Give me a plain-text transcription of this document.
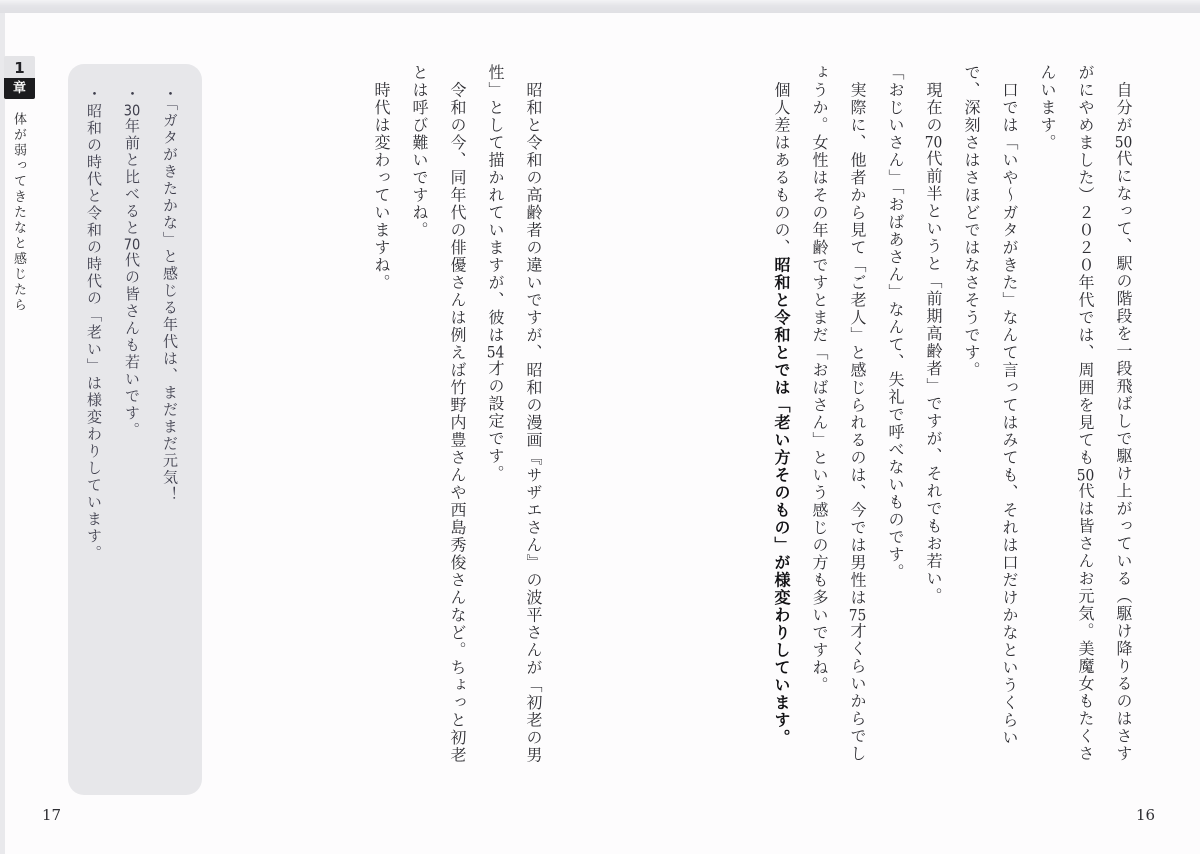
1
章
体が弱ってきたなと感じたら	・「ガタがきたかな」と感じる年代は、まだまだ元気！

・30年前と比べると70代の皆さんも若いです。

・昭和の時代と令和の時代の「老い」は様変わりしています。	　昭和と令和の高齢者の違いですが、昭和の漫画『サザエさん』の波平さんが「初老の男性」として描かれていますが、彼は54才の設定です。

　令和の今、同年代の俳優さんは例えば竹野内豊さんや西島秀俊さんなど。ちょっと初老とは呼び難いですね。

　時代は変わっていますね。	　自分が50代になって、駅の階段を一段飛ばしで駆け上がっている（駆け降りるのはさすがにやめました）２０２０年代では、周囲を見ても50代は皆さんお元気。美魔女もたくさんいます。

　口では「いや〜ガタがきた」なんて言ってはみても、それは口だけかなというくらいで、深刻さはさほどではなさそうです。

　現在の70代前半というと「前期高齢者」ですが、それでもお若い。

「おじいさん」「おばあさん」なんて、失礼で呼べないものです。

　実際に、他者から見て「ご老人」と感じられるのは、今では男性は75才くらいからでしょうか。女性はその年齢ですとまだ「おばさん」という感じの方も多いですね。

　個人差はあるものの、昭和と令和とでは「老い方そのもの」が様変わりしています。

17	16
